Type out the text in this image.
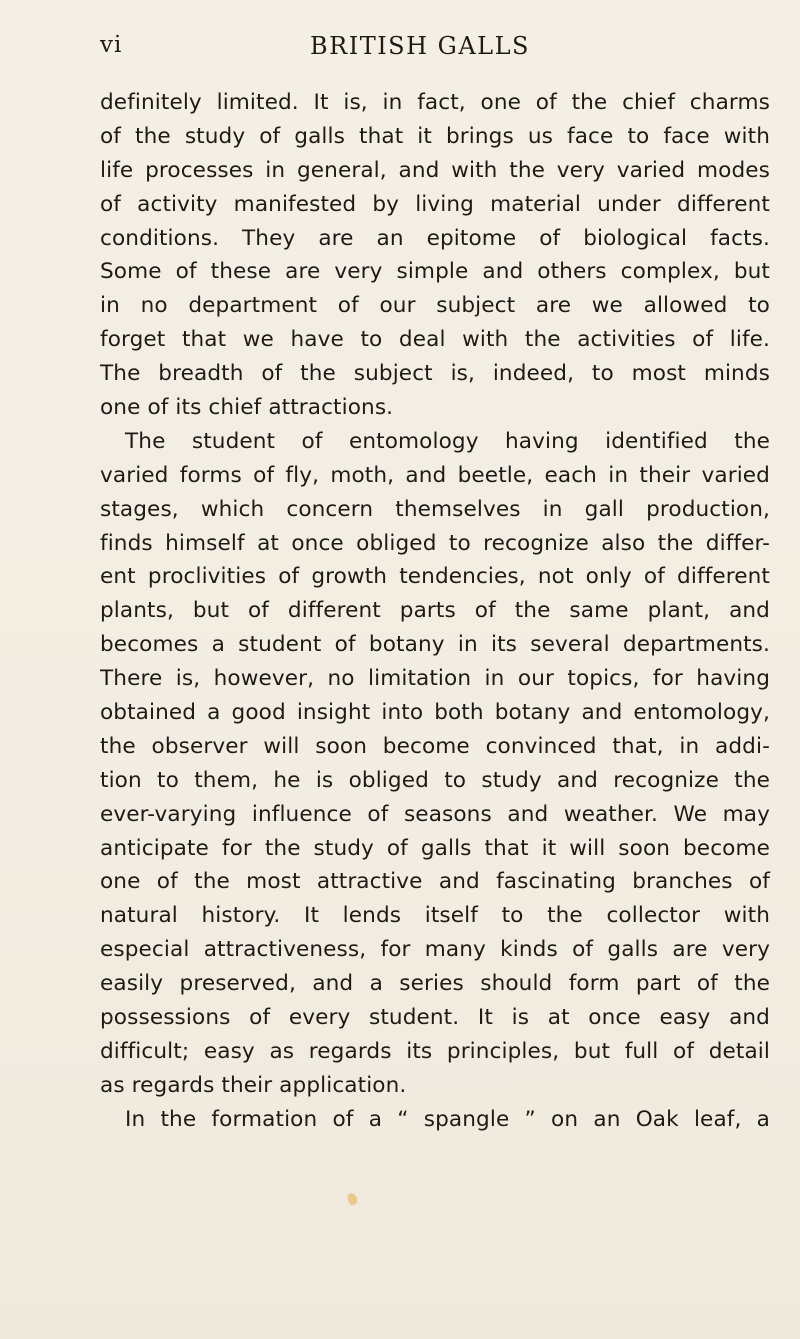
vi	BRITISH GALLS
definitely limited. It is, in fact, one of the chief charms
of the study of galls that it brings us face to face with
life processes in general, and with the very varied modes
of activity manifested by living material under different
conditions. They are an epitome of biological facts.
Some of these are very simple and others complex, but
in no department of our subject are we allowed to
forget that we have to deal with the activities of life.
The breadth of the subject is, indeed, to most minds
one of its chief attractions.
The student of entomology having identified the
varied forms of fly, moth, and beetle, each in their varied
stages, which concern themselves in gall production,
finds himself at once obliged to recognize also the differ-
ent proclivities of growth tendencies, not only of different
plants, but of different parts of the same plant, and
becomes a student of botany in its several departments.
There is, however, no limitation in our topics, for having
obtained a good insight into both botany and entomology,
the observer will soon become convinced that, in addi-
tion to them, he is obliged to study and recognize the
ever-varying influence of seasons and weather. We may
anticipate for the study of galls that it will soon become
one of the most attractive and fascinating branches of
natural history. It lends itself to the collector with
especial attractiveness, for many kinds of galls are very
easily preserved, and a series should form part of the
possessions of every student. It is at once easy and
difficult; easy as regards its principles, but full of detail
as regards their application.
In the formation of a “ spangle ” on an Oak leaf, a
